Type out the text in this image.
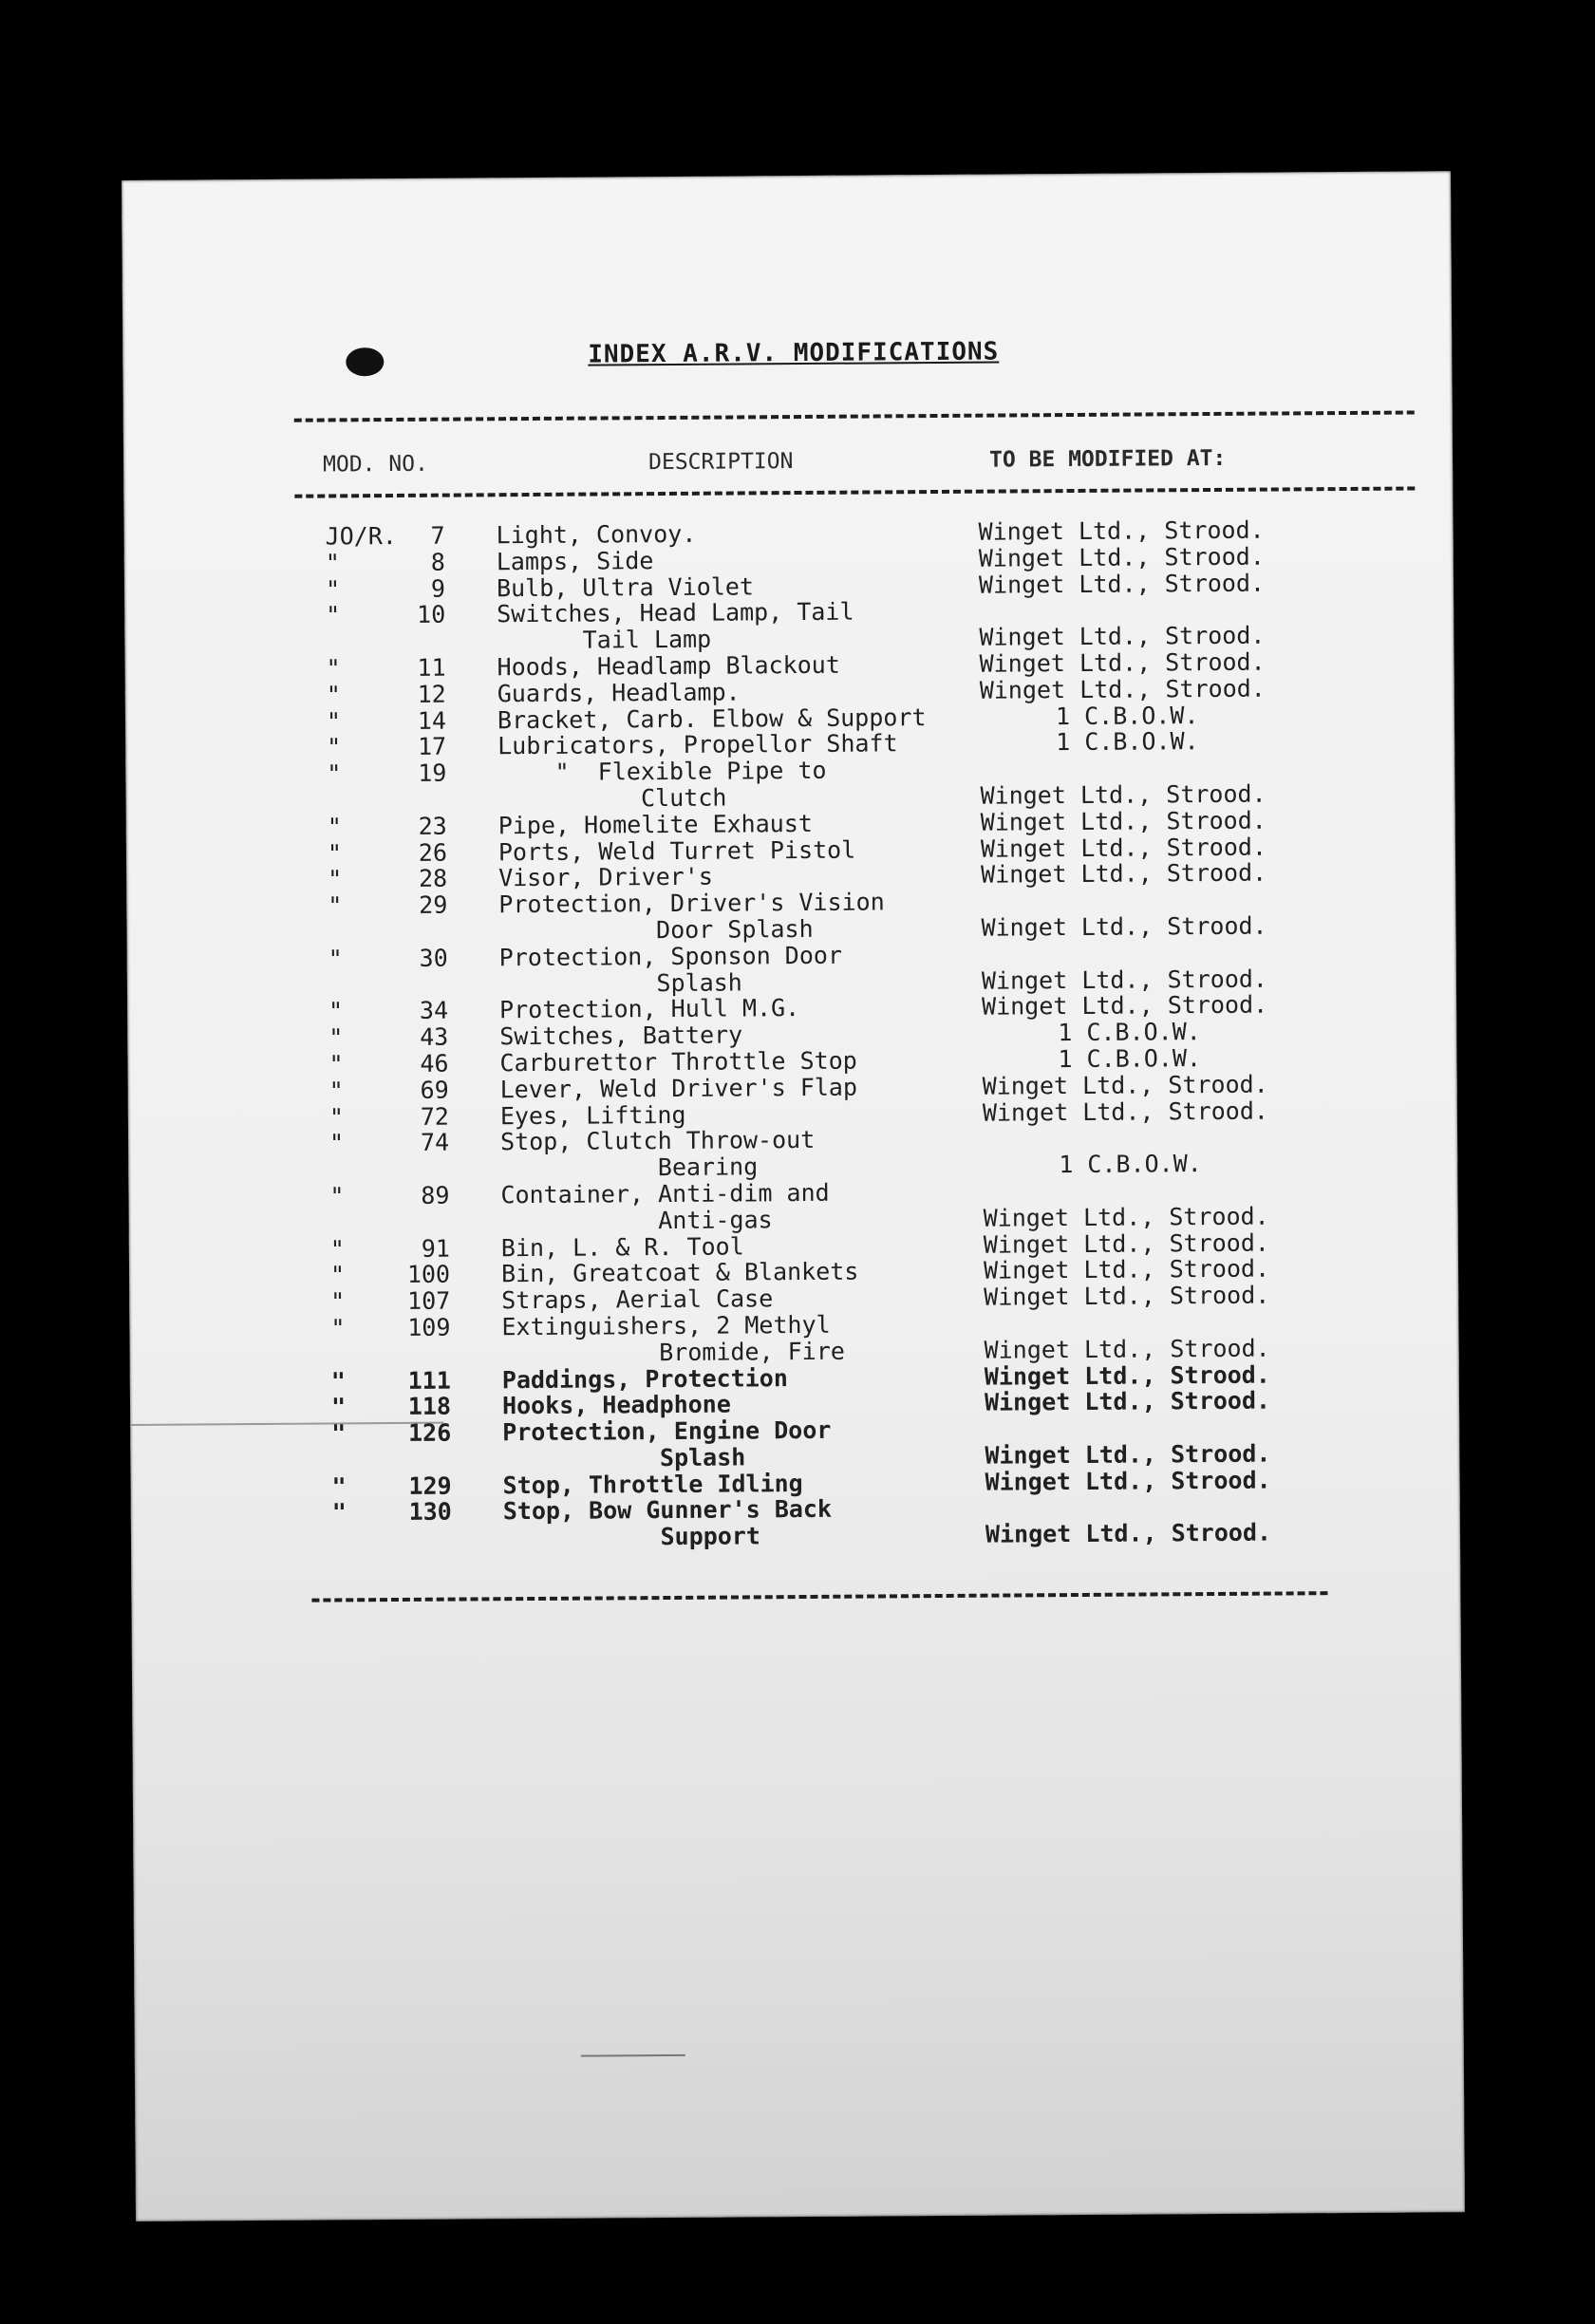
INDEX A.R.V. MODIFICATIONS
MOD. NO.	DESCRIPTION	TO BE MODIFIED AT:
JO/R.	7 Light, Convoy.	Winget Ltd., Strood.
"	8 Lamps, Side	Winget Ltd., Strood.
"	9 Bulb, Ultra Violet	Winget Ltd., Strood.
"	10 Switches, Head Lamp, Tail
Tail Lamp	Winget Ltd., Strood.
"	11 Hoods, Headlamp Blackout	Winget Ltd., Strood.
"	12 Guards, Headlamp.	Winget Ltd., Strood.
"	14 Bracket, Carb. Elbow & Support	1 C.B.O.W.
"	17 Lubricators, Propellor Shaft	1 C.B.O.W.
"	19 "  Flexible Pipe to
Clutch	Winget Ltd., Strood.
"	23 Pipe, Homelite Exhaust	Winget Ltd., Strood.
"	26 Ports, Weld Turret Pistol	Winget Ltd., Strood.
"	28 Visor, Driver's	Winget Ltd., Strood.
"	29 Protection, Driver's Vision
Door Splash	Winget Ltd., Strood.
"	30 Protection, Sponson Door
Splash	Winget Ltd., Strood.
"	34 Protection, Hull M.G.	Winget Ltd., Strood.
"	43 Switches, Battery	1 C.B.O.W.
"	46 Carburettor Throttle Stop	1 C.B.O.W.
"	69 Lever, Weld Driver's Flap	Winget Ltd., Strood.
"	72 Eyes, Lifting	Winget Ltd., Strood.
"	74 Stop, Clutch Throw-out
Bearing	1 C.B.O.W.
"	89 Container, Anti-dim and
Anti-gas	Winget Ltd., Strood.
"	91 Bin, L. & R. Tool	Winget Ltd., Strood.
"	100 Bin, Greatcoat & Blankets	Winget Ltd., Strood.
"	107 Straps, Aerial Case	Winget Ltd., Strood.
"	109 Extinguishers, 2 Methyl
Bromide, Fire	Winget Ltd., Strood.
"	111 Paddings, Protection	Winget Ltd., Strood.
"	118 Hooks, Headphone	Winget Ltd., Strood.
"	126 Protection, Engine Door
Splash	Winget Ltd., Strood.
"	129 Stop, Throttle Idling	Winget Ltd., Strood.
"	130 Stop, Bow Gunner's Back
Support	Winget Ltd., Strood.
